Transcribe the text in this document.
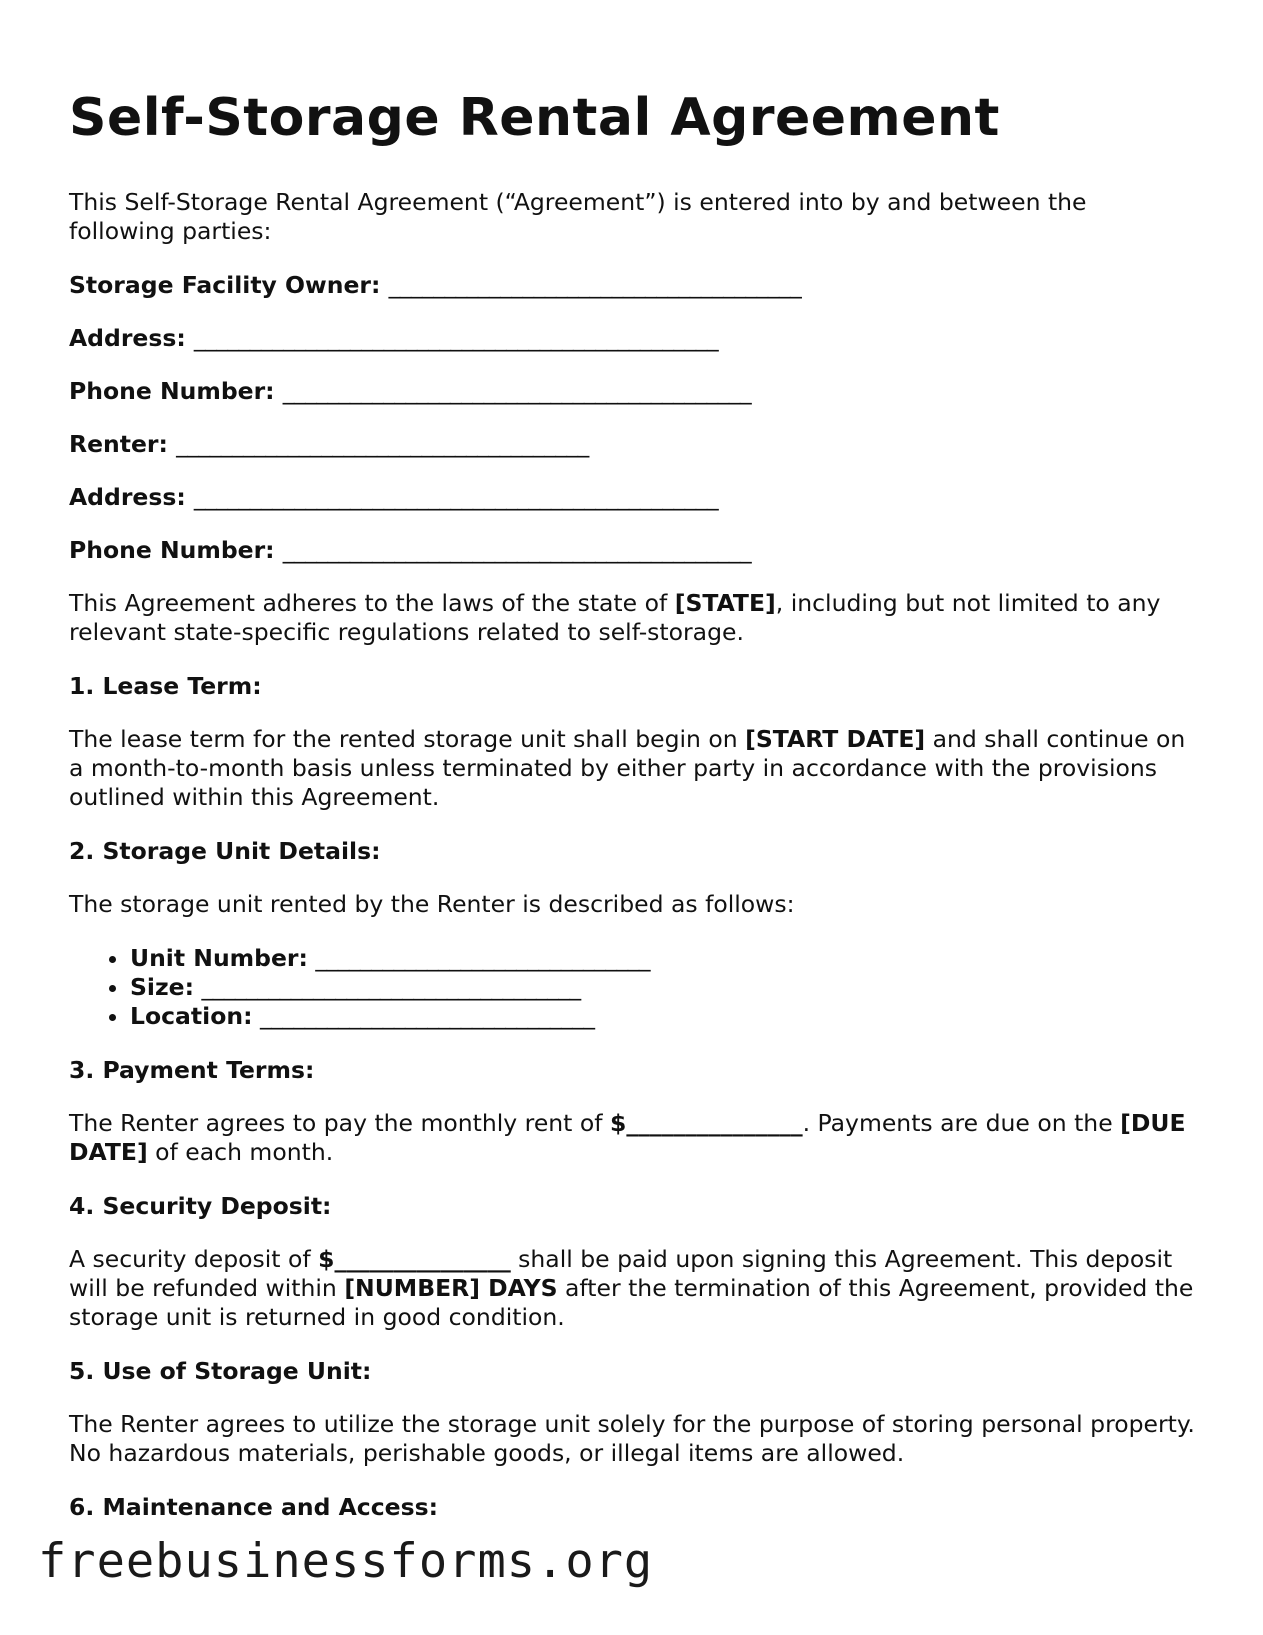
Self-Storage Rental Agreement

This Self-Storage Rental Agreement (“Agreement”) is entered into by and between the following parties:

Storage Facility Owner: _____________________________________
Address: _______________________________________________
Phone Number: __________________________________________
Renter: _____________________________________
Address: _______________________________________________
Phone Number: __________________________________________

This Agreement adheres to the laws of the state of [STATE], including but not limited to any relevant state-specific regulations related to self-storage.

1. Lease Term:

The lease term for the rented storage unit shall begin on [START DATE] and shall continue on a month-to-month basis unless terminated by either party in accordance with the provisions outlined within this Agreement.

2. Storage Unit Details:

The storage unit rented by the Renter is described as follows:

• Unit Number: ______________________________
• Size: __________________________________
• Location: ______________________________

3. Payment Terms:

The Renter agrees to pay the monthly rent of $_______________. Payments are due on the [DUE DATE] of each month.

4. Security Deposit:

A security deposit of $_______________ shall be paid upon signing this Agreement. This deposit will be refunded within [NUMBER] DAYS after the termination of this Agreement, provided the storage unit is returned in good condition.

5. Use of Storage Unit:

The Renter agrees to utilize the storage unit solely for the purpose of storing personal property. No hazardous materials, perishable goods, or illegal items are allowed.

6. Maintenance and Access:

freebusinessforms.org
